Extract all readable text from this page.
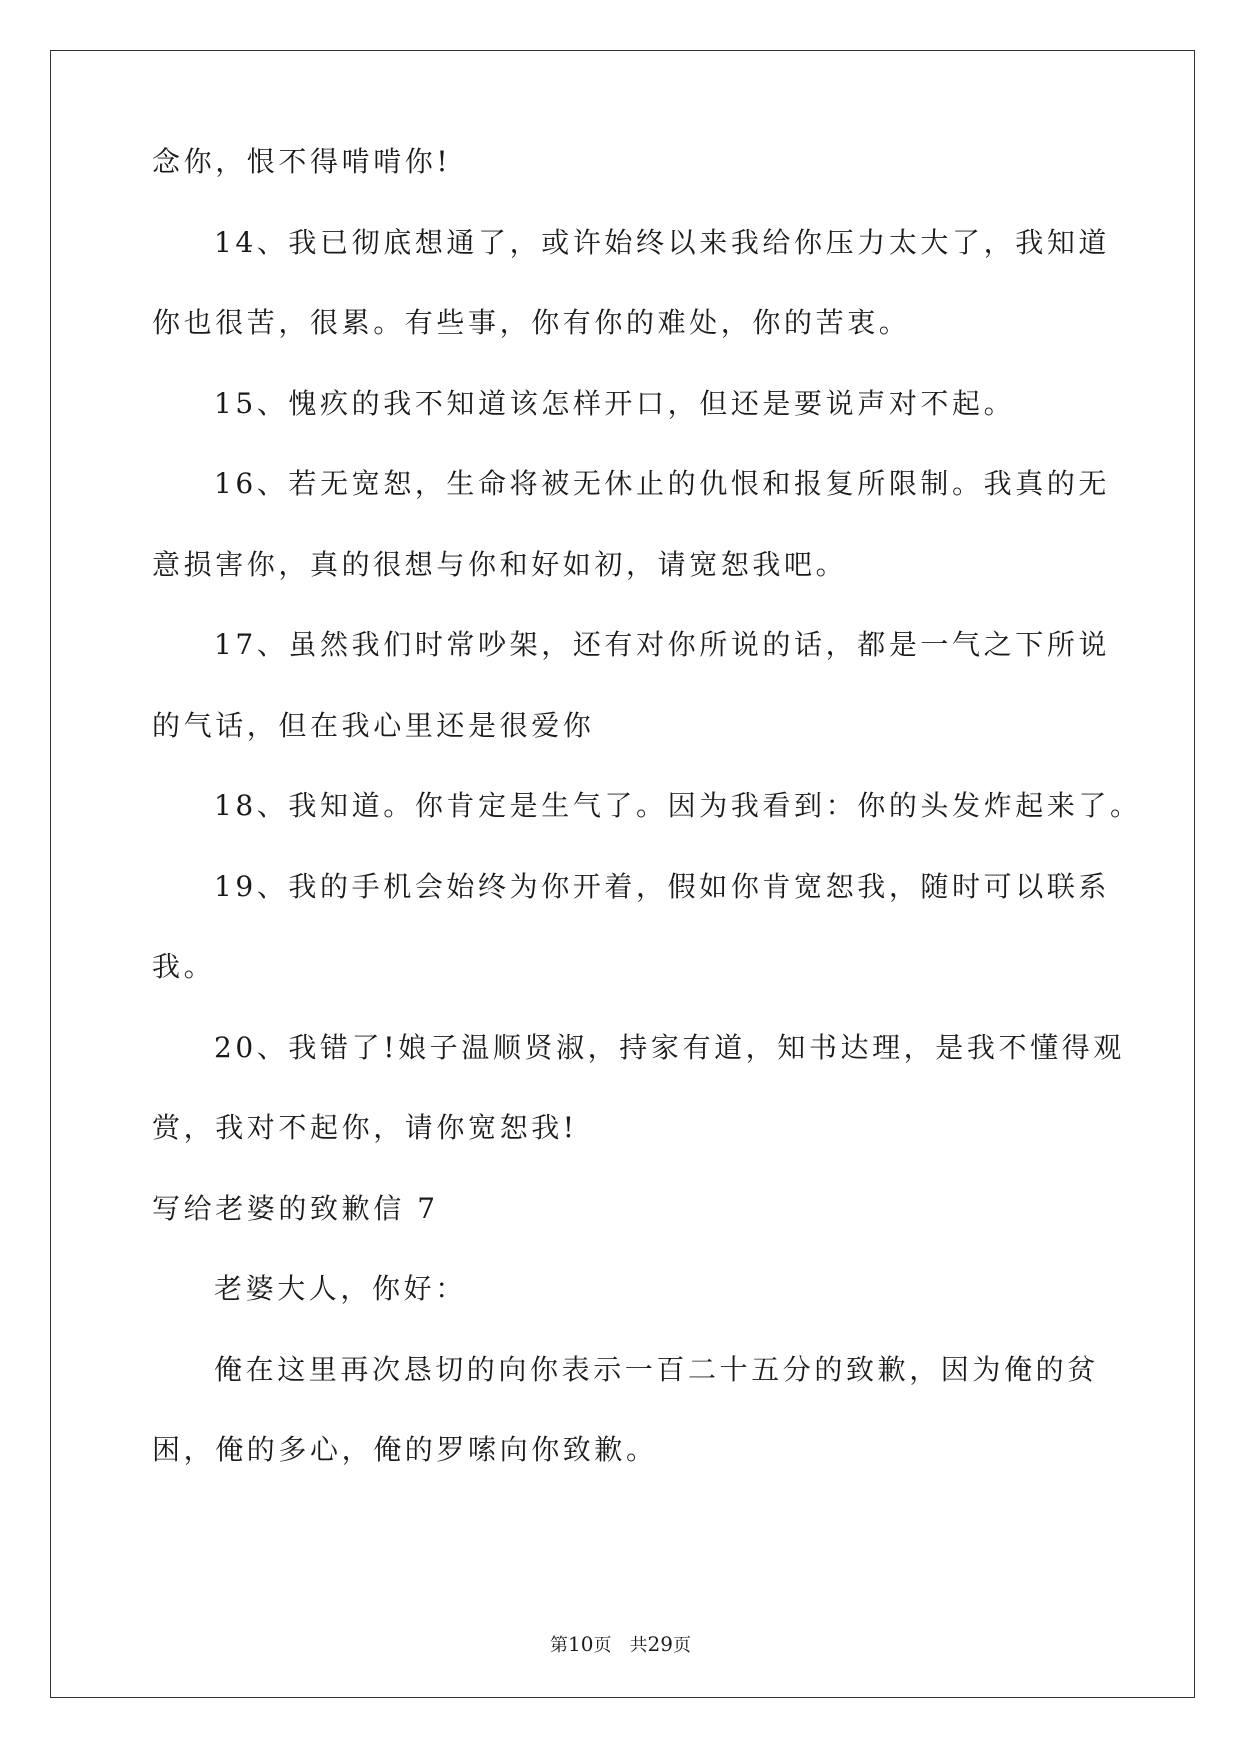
念你，恨不得啃啃你!

14、我已彻底想通了，或许始终以来我给你压力太大了，我知道

你也很苦，很累。有些事，你有你的难处，你的苦衷。

15、愧疚的我不知道该怎样开口，但还是要说声对不起。

16、若无宽恕，生命将被无休止的仇恨和报复所限制。我真的无

意损害你，真的很想与你和好如初，请宽恕我吧。

17、虽然我们时常吵架，还有对你所说的话，都是一气之下所说

的气话，但在我心里还是很爱你

18、我知道。你肯定是生气了。因为我看到：你的头发炸起来了。

19、我的手机会始终为你开着，假如你肯宽恕我，随时可以联系

我。

20、我错了!娘子温顺贤淑，持家有道，知书达理，是我不懂得观

赏，我对不起你，请你宽恕我!

写给老婆的致歉信 7

老婆大人，你好：

俺在这里再次恳切的向你表示一百二十五分的致歉，因为俺的贫

困，俺的多心，俺的罗嗦向你致歉。

第10页 共29页
